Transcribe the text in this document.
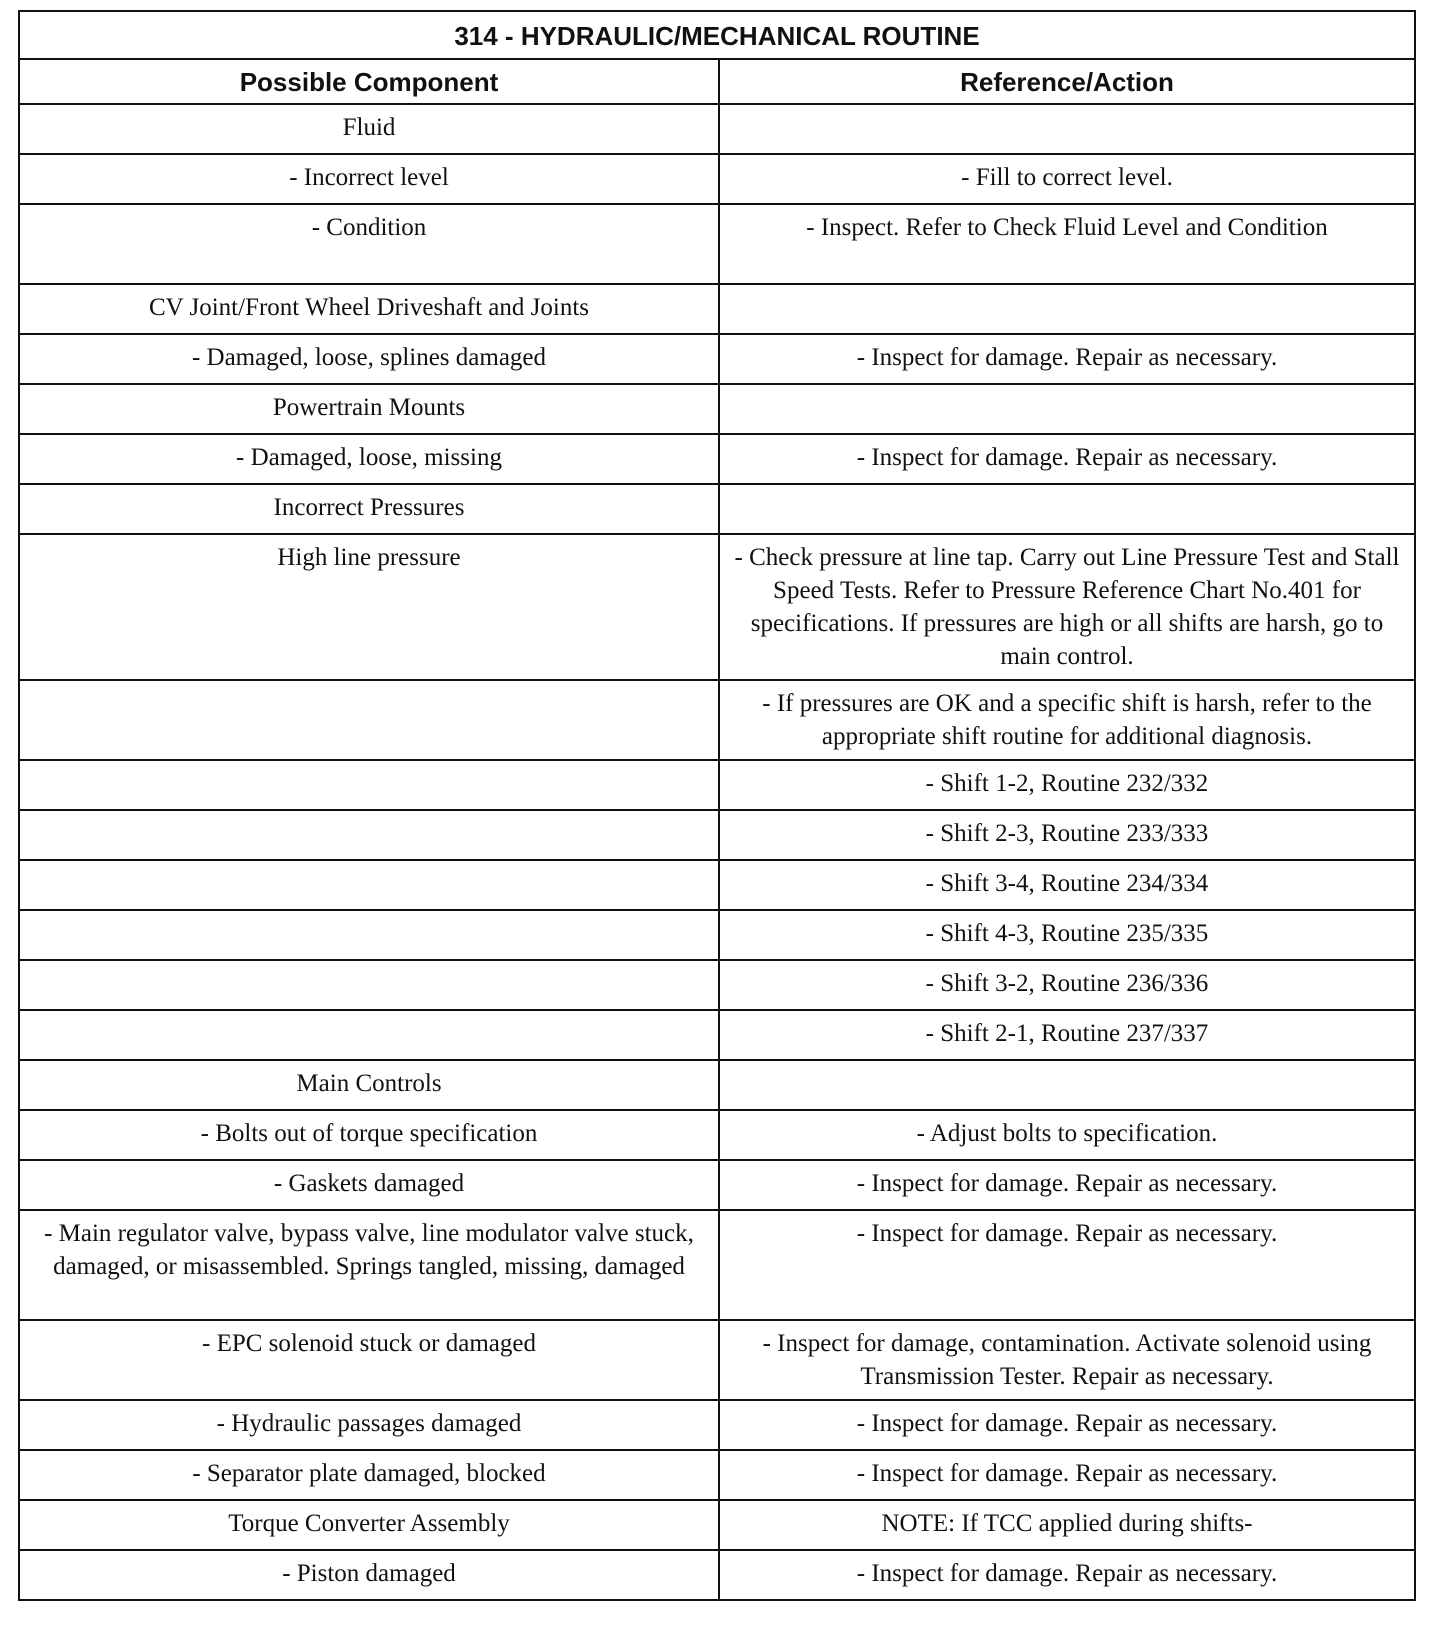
314 - HYDRAULIC/MECHANICAL ROUTINE	
Possible Component	Reference/Action
Fluid	
- Incorrect level	- Fill to correct level.
- Condition	- Inspect. Refer to Check Fluid Level and Condition
CV Joint/Front Wheel Driveshaft and Joints	
- Damaged, loose, splines damaged	- Inspect for damage. Repair as necessary.
Powertrain Mounts	
- Damaged, loose, missing	- Inspect for damage. Repair as necessary.
Incorrect Pressures	
High line pressure	- Check pressure at line tap. Carry out Line Pressure Test and Stall Speed Tests. Refer to Pressure Reference Chart No.401 for specifications. If pressures are high or all shifts are harsh, go to main control.
	- If pressures are OK and a specific shift is harsh, refer to the appropriate shift routine for additional diagnosis.
	- Shift 1-2, Routine 232/332
	- Shift 2-3, Routine 233/333
	- Shift 3-4, Routine 234/334
	- Shift 4-3, Routine 235/335
	- Shift 3-2, Routine 236/336
	- Shift 2-1, Routine 237/337
Main Controls	
- Bolts out of torque specification	- Adjust bolts to specification.
- Gaskets damaged	- Inspect for damage. Repair as necessary.
- Main regulator valve, bypass valve, line modulator valve stuck, damaged, or misassembled. Springs tangled, missing, damaged	- Inspect for damage. Repair as necessary.
- EPC solenoid stuck or damaged	- Inspect for damage, contamination. Activate solenoid using Transmission Tester. Repair as necessary.
- Hydraulic passages damaged	- Inspect for damage. Repair as necessary.
- Separator plate damaged, blocked	- Inspect for damage. Repair as necessary.
Torque Converter Assembly	NOTE: If TCC applied during shifts-
- Piston damaged	- Inspect for damage. Repair as necessary.
